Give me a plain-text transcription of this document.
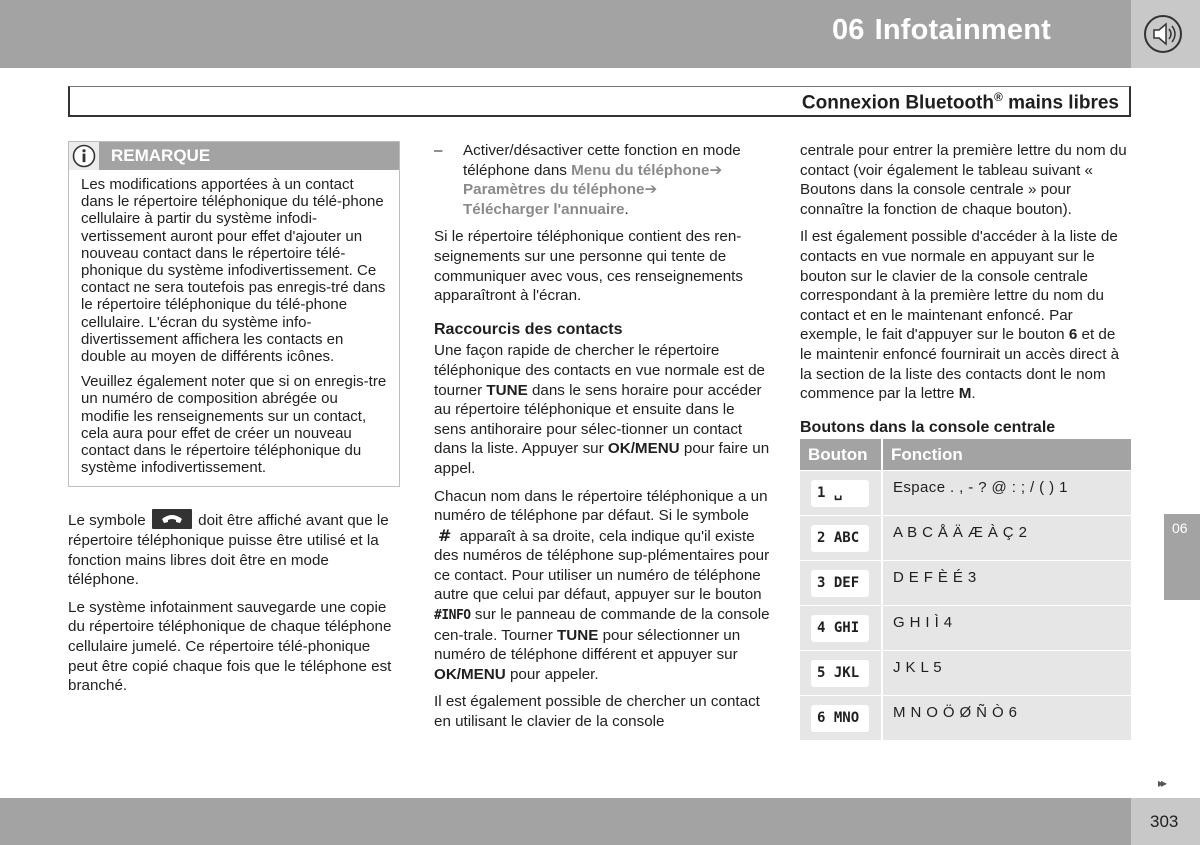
06 Infotainment
Connexion Bluetooth® mains libres
REMARQUE

Les modifications apportées à un contact dans le répertoire téléphonique du télé-phone cellulaire à partir du système infodi-vertissement auront pour effet d'ajouter un nouveau contact dans le répertoire télé-phonique du système infodivertissement. Ce contact ne sera toutefois pas enregis-tré dans le répertoire téléphonique du télé-phone cellulaire. L'écran du système info-divertissement affichera les contacts en double au moyen de différents icônes.

Veuillez également noter que si on enregis-tre un numéro de composition abrégée ou modifie les renseignements sur un contact, cela aura pour effet de créer un nouveau contact dans le répertoire téléphonique du système infodivertissement.

Le symbole	doit être affiché avant que le répertoire téléphonique puisse être utilisé et la fonction mains libres doit être en mode téléphone.

Le système infotainment sauvegarde une copie du répertoire téléphonique de chaque téléphone cellulaire jumelé. Ce répertoire télé-phonique peut être copié chaque fois que le téléphone est branché.

– Activer/désactiver cette fonction en mode téléphone dans Menu du téléphone➔
Paramètres du téléphone➔
Télécharger l'annuaire.

Si le répertoire téléphonique contient des ren-seignements sur une personne qui tente de communiquer avec vous, ces renseignements apparaîtront à l'écran.

Raccourcis des contacts

Une façon rapide de chercher le répertoire téléphonique des contacts en vue normale est de tourner TUNE dans le sens horaire pour accéder au répertoire téléphonique et ensuite dans le sens antihoraire pour sélec-tionner un contact dans la liste. Appuyer sur OK/MENU pour faire un appel.

Chacun nom dans le répertoire téléphonique a un numéro de téléphone par défaut. Si le symbole # apparaît à sa droite, cela indique qu'il existe des numéros de téléphone sup-plémentaires pour ce contact. Pour utiliser un numéro de téléphone autre que celui par défaut, appuyer sur le bouton #INFO sur le panneau de commande de la console cen-trale. Tourner TUNE pour sélectionner un numéro de téléphone différent et appuyer sur OK/MENU pour appeler.

Il est également possible de chercher un contact en utilisant le clavier de la console

centrale pour entrer la première lettre du nom du contact (voir également le tableau suivant « Boutons dans la console centrale » pour connaître la fonction de chaque bouton).

Il est également possible d'accéder à la liste de contacts en vue normale en appuyant sur le bouton sur le clavier de la console centrale correspondant à la première lettre du nom du contact et en le maintenant enfoncé. Par exemple, le fait d'appuyer sur le bouton 6 et de le maintenir enfoncé fournirait un accès direct à la section de la liste des contacts dont le nom commence par la lettre M.

Boutons dans la console centrale
Bouton	Fonction
1 ␣	Espace . , - ? @ : ; / ( ) 1
2 ABC	A B C Å Ä Æ À Ç 2
3 DEF	D E F È É 3
4 GHI	G H I Ì 4
5 JKL	J K L 5
6 MNO	M N O Ö Ø Ñ Ò 6
06
▸▸
303
